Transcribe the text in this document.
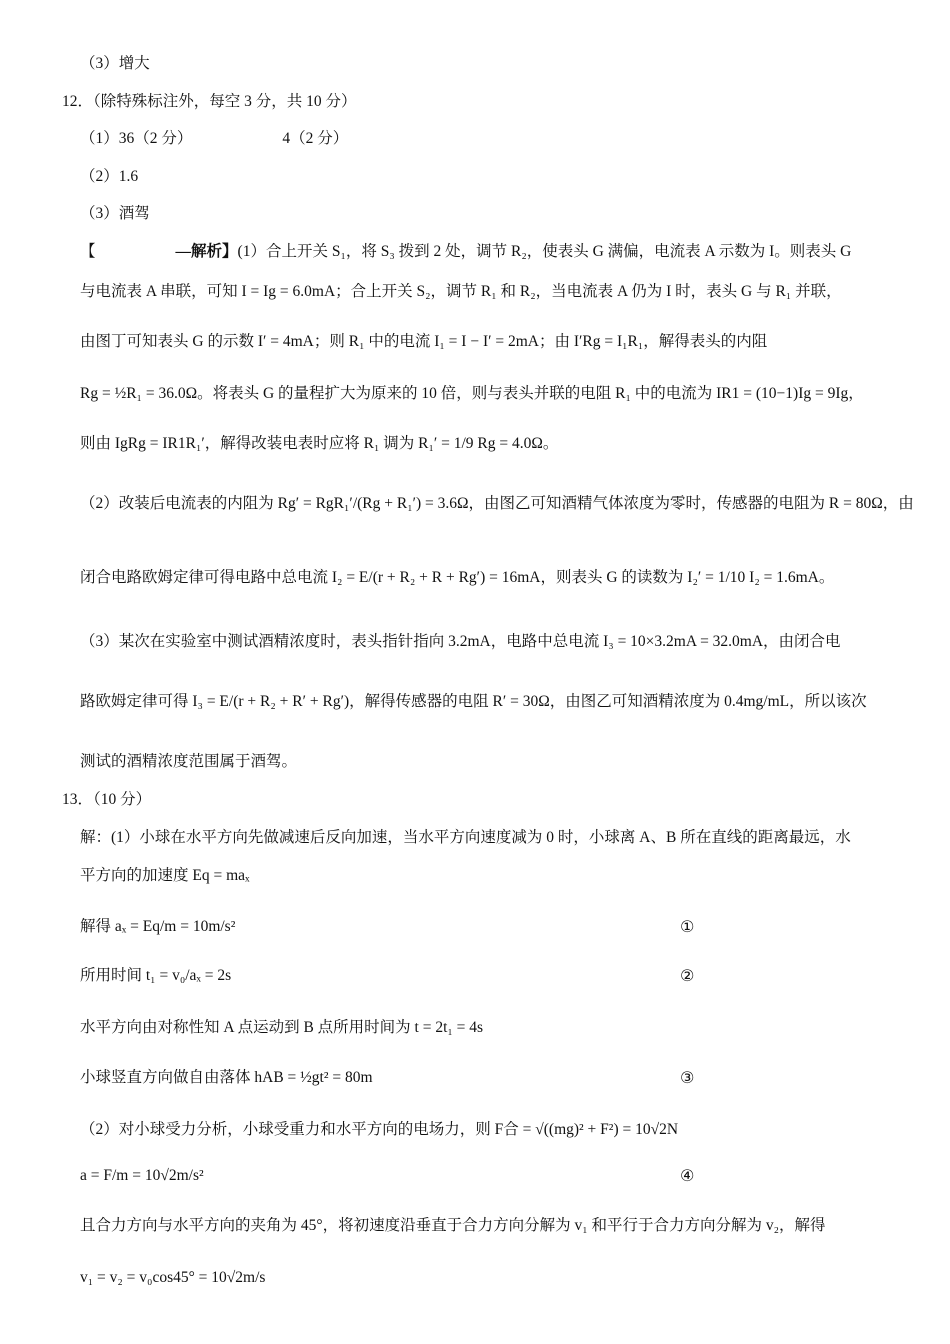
（3）增大
12．（除特殊标注外，每空 3 分，共 10 分）
（1）36（2 分）	4（2 分）
（2）1.6
（3）酒驾
【	—解析】(1）合上开关 S₁，将 S₃ 拨到 2 处，调节 R₂，使表头 G 满偏，电流表 A 示数为 I。则表头 G
与电流表 A 串联，可知 I = Ig = 6.0mA；合上开关 S₂，调节 R₁ 和 R₂，当电流表 A 仍为 I 时，表头 G 与 R₁ 并联，
由图丁可知表头 G 的示数 I′ = 4mA；则 R₁ 中的电流 I₁ = I − I′ = 2mA；由 I′Rg = I₁R₁，解得表头的内阻
Rg = ½R₁ = 36.0Ω。将表头 G 的量程扩大为原来的 10 倍，则与表头并联的电阻 R₁ 中的电流为 IR1 = (10−1)Ig = 9Ig，
则由 IgRg = IR1R₁′，解得改装电表时应将 R₁ 调为 R₁′ = 1/9 Rg = 4.0Ω。
（2）改装后电流表的内阻为 Rg′ = RgR₁′/(Rg + R₁′) = 3.6Ω，由图乙可知酒精气体浓度为零时，传感器的电阻为 R = 80Ω，由
闭合电路欧姆定律可得电路中总电流 I₂ = E/(r + R₂ + R + Rg′) = 16mA，则表头 G 的读数为 I₂′ = 1/10 I₂ = 1.6mA。
（3）某次在实验室中测试酒精浓度时，表头指针指向 3.2mA，电路中总电流 I₃ = 10×3.2mA = 32.0mA，由闭合电
路欧姆定律可得 I₃ = E/(r + R₂ + R′ + Rg′)，解得传感器的电阻 R′ = 30Ω，由图乙可知酒精浓度为 0.4mg/mL，所以该次
测试的酒精浓度范围属于酒驾。
13．（10 分）
解：(1）小球在水平方向先做减速后反向加速，当水平方向速度减为 0 时，小球离 A、B 所在直线的距离最远，水
平方向的加速度 Eq = maₓ
解得 aₓ = Eq/m = 10m/s²	①
所用时间 t₁ = v₀/aₓ = 2s	②
水平方向由对称性知 A 点运动到 B 点所用时间为 t = 2t₁ = 4s
小球竖直方向做自由落体 hAB = ½gt² = 80m	③
（2）对小球受力分析，小球受重力和水平方向的电场力，则 F合 = √((mg)² + F²) = 10√2N
a = F/m = 10√2m/s²	④
且合力方向与水平方向的夹角为 45°，将初速度沿垂直于合力方向分解为 v₁ 和平行于合力方向分解为 v₂，解得
v₁ = v₂ = v₀cos45° = 10√2m/s
